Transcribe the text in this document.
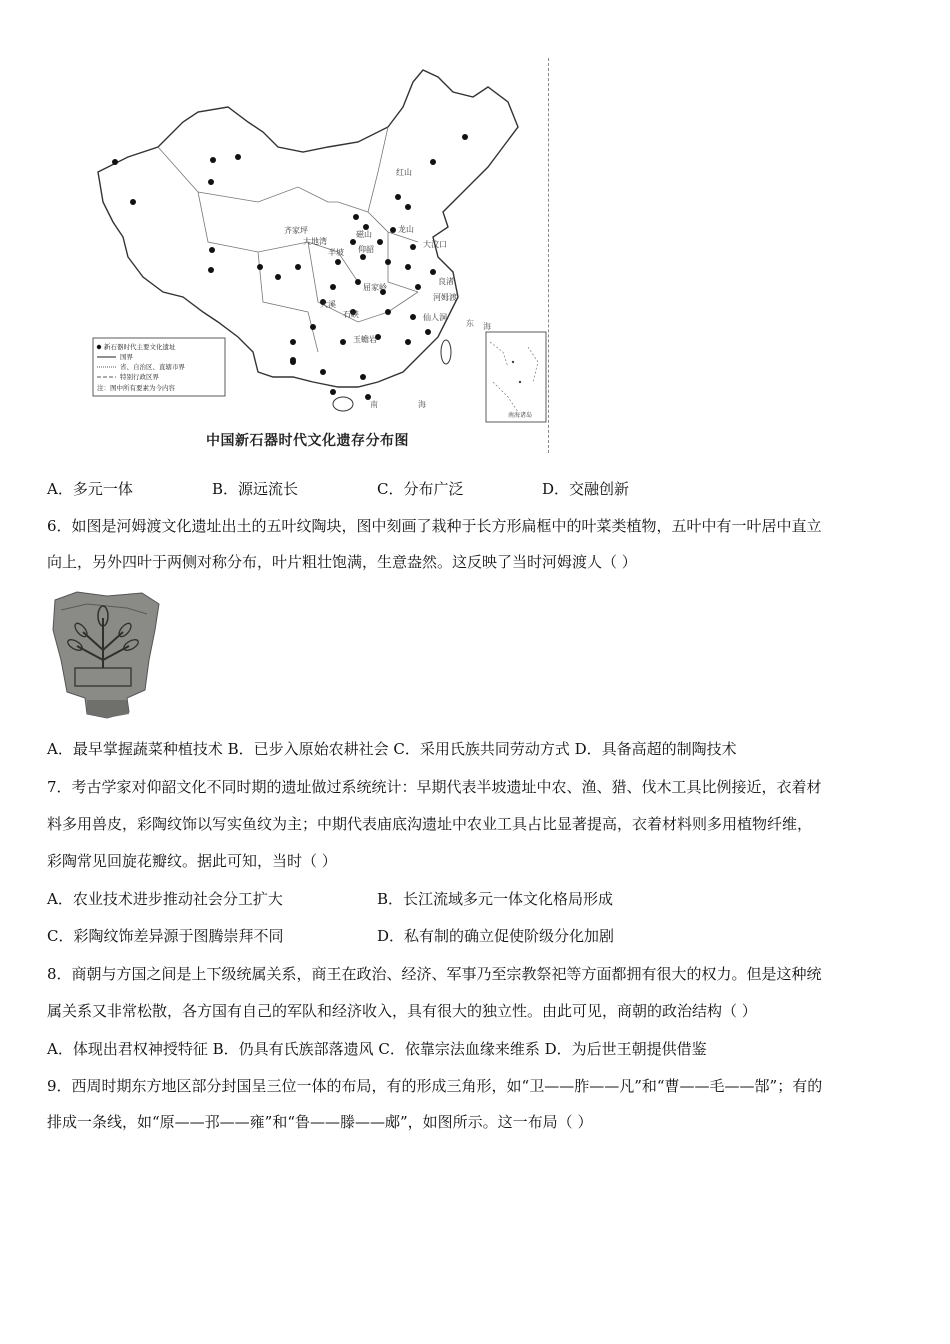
红山
齐家坪
大地湾
磁山
半坡 仰韶
大汶口
龙山
良渚
河姆渡
屈家岭
仙人洞
大溪
石峡
玉蟾岩
东 海
南	海
新石器时代主要文化遗址
国界
省、自治区、直辖市界
特别行政区界
注：图中所有要素为今内容
南海诸岛
中国新石器时代文化遗存分布图
A．多元一体	B．源远流长	C．分布广泛	D．交融创新
6．如图是河姆渡文化遗址出土的五叶纹陶块，图中刻画了栽种于长方形扁框中的叶菜类植物，五叶中有一叶居中直立
向上，另外四叶于两侧对称分布，叶片粗壮饱满，生意盎然。这反映了当时河姆渡人（ ）
A．最早掌握蔬菜种植技术 B．已步入原始农耕社会 C．采用氏族共同劳动方式 D．具备高超的制陶技术
7．考古学家对仰韶文化不同时期的遗址做过系统统计：早期代表半坡遗址中农、渔、猎、伐木工具比例接近，衣着材
料多用兽皮，彩陶纹饰以写实鱼纹为主；中期代表庙底沟遗址中农业工具占比显著提高，衣着材料则多用植物纤维，
彩陶常见回旋花瓣纹。据此可知，当时（ ）
A．农业技术进步推动社会分工扩大	B．长江流域多元一体文化格局形成
C．彩陶纹饰差异源于图腾崇拜不同	D．私有制的确立促使阶级分化加剧
8．商朝与方国之间是上下级统属关系，商王在政治、经济、军事乃至宗教祭祀等方面都拥有很大的权力。但是这种统
属关系又非常松散，各方国有自己的军队和经济收入，具有很大的独立性。由此可见，商朝的政治结构（ ）
A．体现出君权神授特征 B．仍具有氏族部落遗风 C．依靠宗法血缘来维系 D．为后世王朝提供借鉴
9．西周时期东方地区部分封国呈三位一体的布局，有的形成三角形，如“卫——胙——凡”和“曹——毛——郜”；有的
排成一条线，如“原——邘——雍”和“鲁——滕——郕”，如图所示。这一布局（ ）
